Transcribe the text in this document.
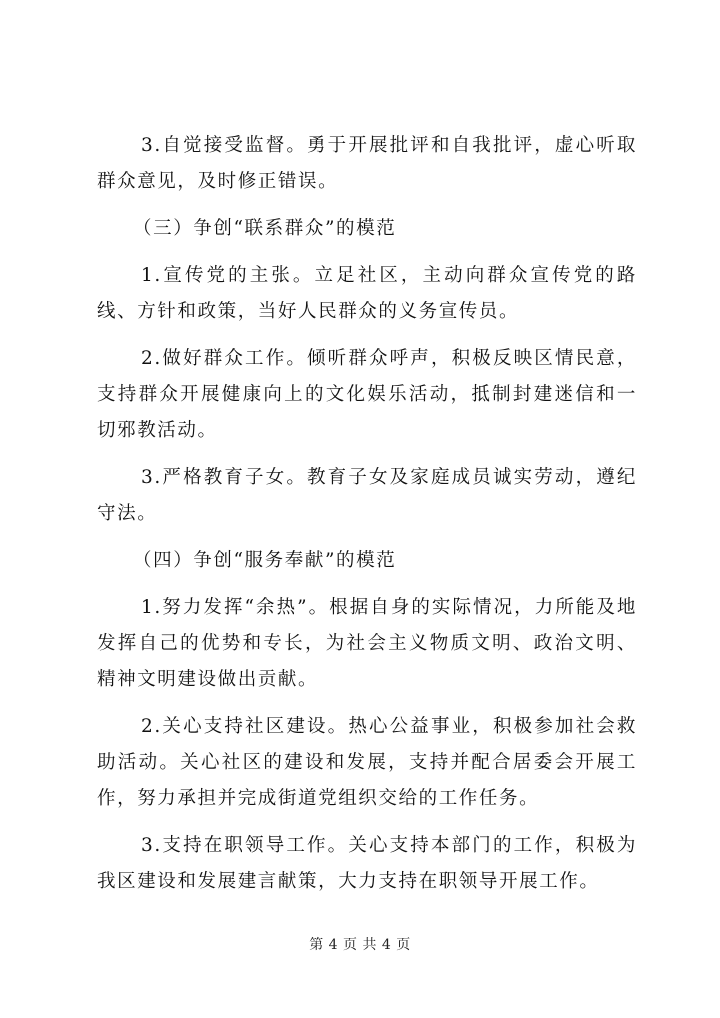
3.自觉接受监督。勇于开展批评和自我批评，虚心听取群众意见，及时修正错误。

（三）争创“联系群众”的模范

1.宣传党的主张。立足社区，主动向群众宣传党的路线、方针和政策，当好人民群众的义务宣传员。

2.做好群众工作。倾听群众呼声，积极反映区情民意，支持群众开展健康向上的文化娱乐活动，抵制封建迷信和一切邪教活动。

3.严格教育子女。教育子女及家庭成员诚实劳动，遵纪守法。

（四）争创“服务奉献”的模范

1.努力发挥“余热”。根据自身的实际情况，力所能及地发挥自己的优势和专长，为社会主义物质文明、政治文明、精神文明建设做出贡献。

2.关心支持社区建设。热心公益事业，积极参加社会救助活动。关心社区的建设和发展，支持并配合居委会开展工作，努力承担并完成街道党组织交给的工作任务。

3.支持在职领导工作。关心支持本部门的工作，积极为我区建设和发展建言献策，大力支持在职领导开展工作。

第 4 页 共 4 页
